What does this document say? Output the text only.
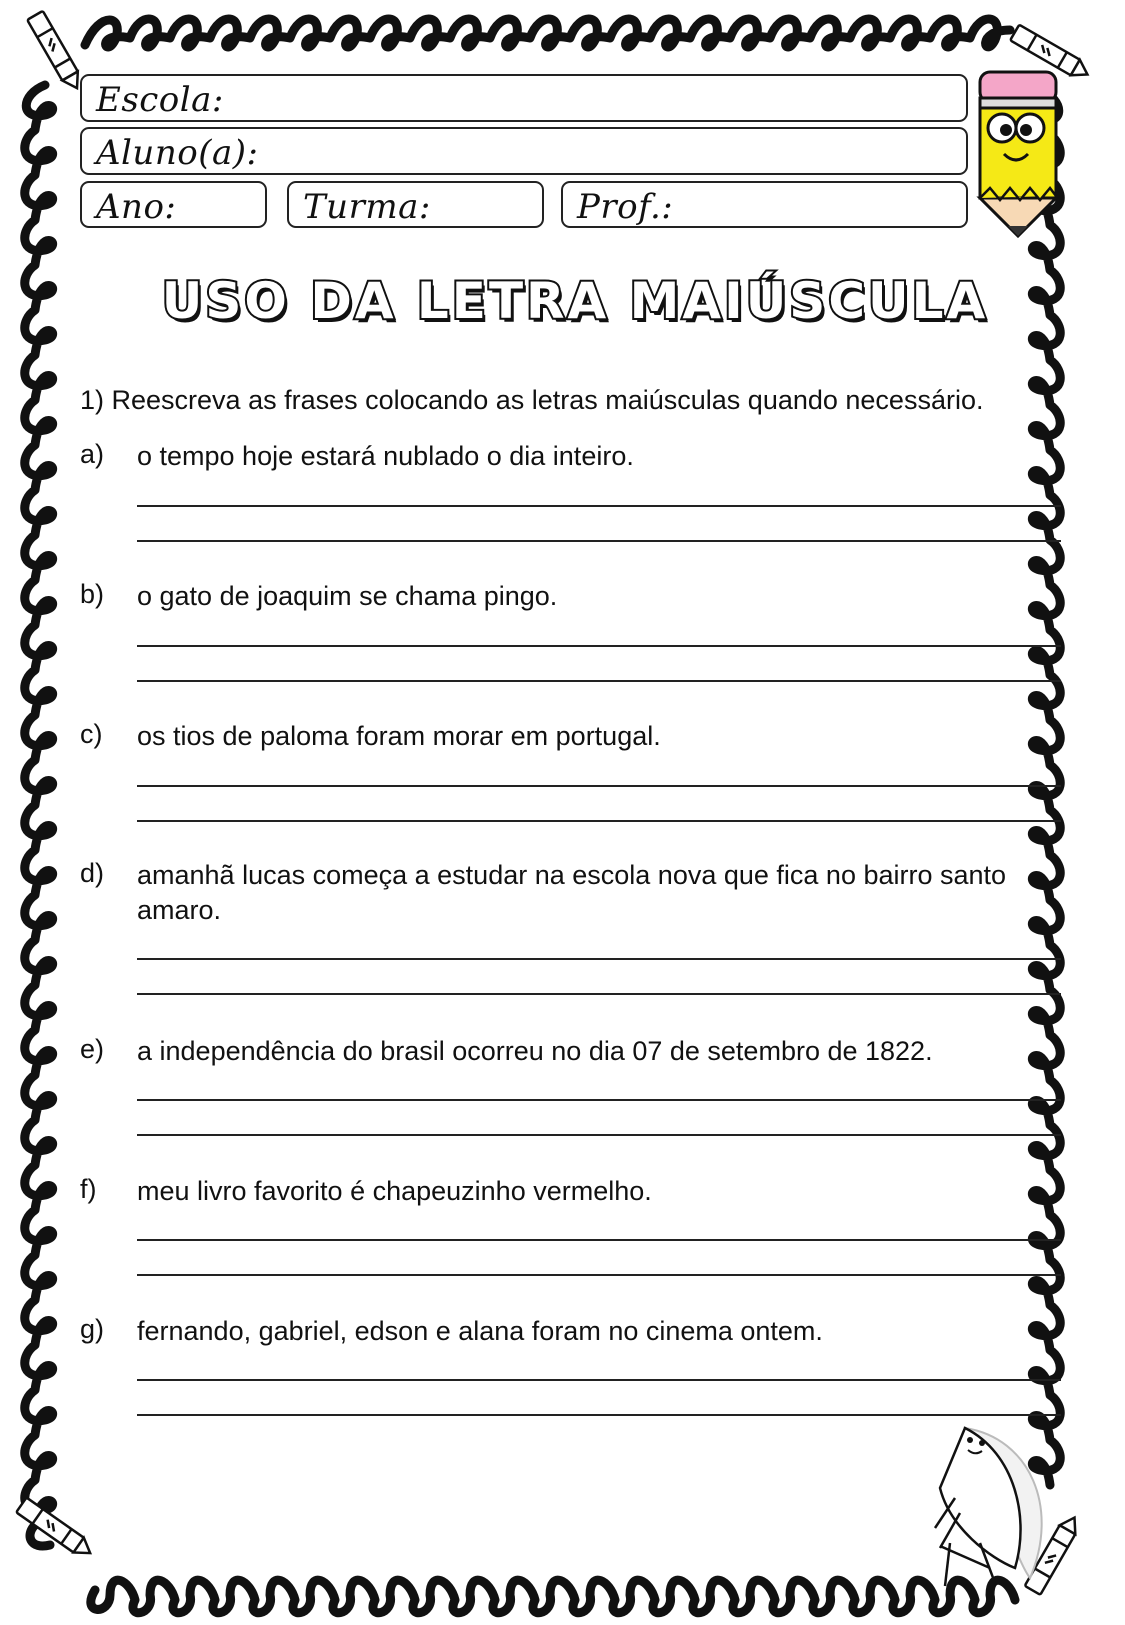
Escola:
Aluno(a):
Ano:	Turma:	Prof.:
USO DA LETRA MAIÚSCULA
1) Reescreva as frases colocando as letras maiúsculas quando necessário.
a) o tempo hoje estará nublado o dia inteiro.
b) o gato de joaquim se chama pingo.
c) os tios de paloma foram morar em portugal.
d) amanhã lucas começa a estudar na escola nova que fica no bairro santo amaro.
e) a independência do brasil ocorreu no dia 07 de setembro de 1822.
f) meu livro favorito é chapeuzinho vermelho.
g) fernando, gabriel, edson e alana foram no cinema ontem.
